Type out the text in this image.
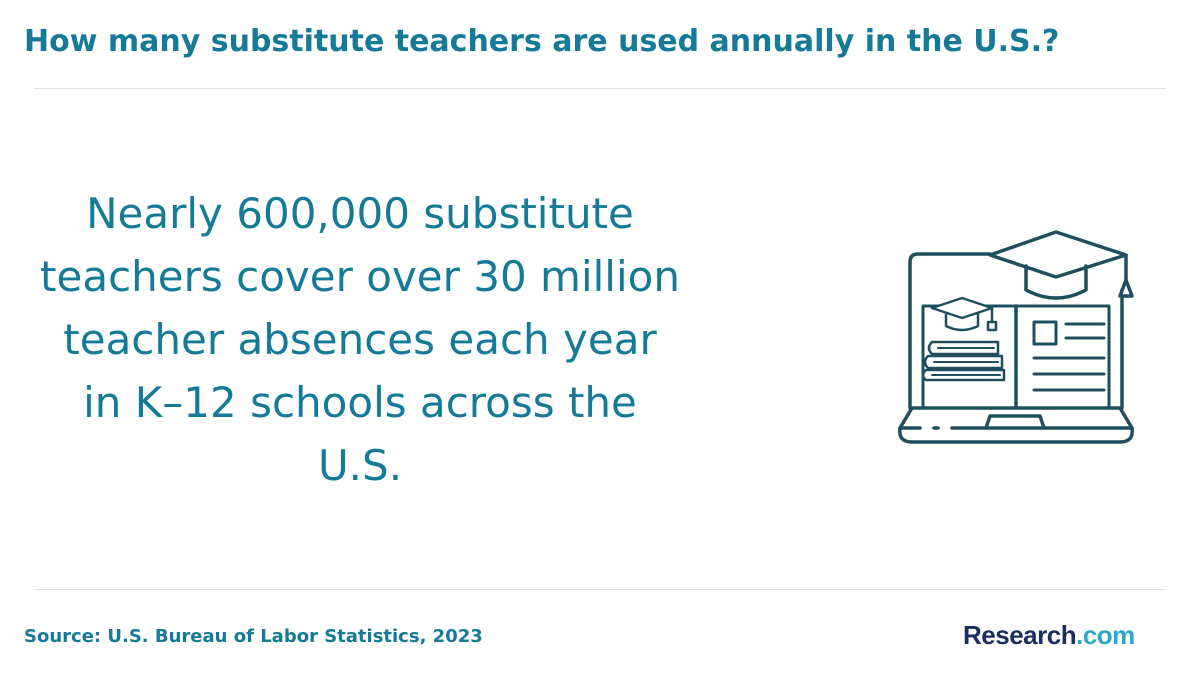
How many substitute teachers are used annually in the U.S.?
Nearly 600,000 substitute teachers cover over 30 million teacher absences each year in K–12 schools across the U.S.
Source: U.S. Bureau of Labor Statistics, 2023	Research.com
